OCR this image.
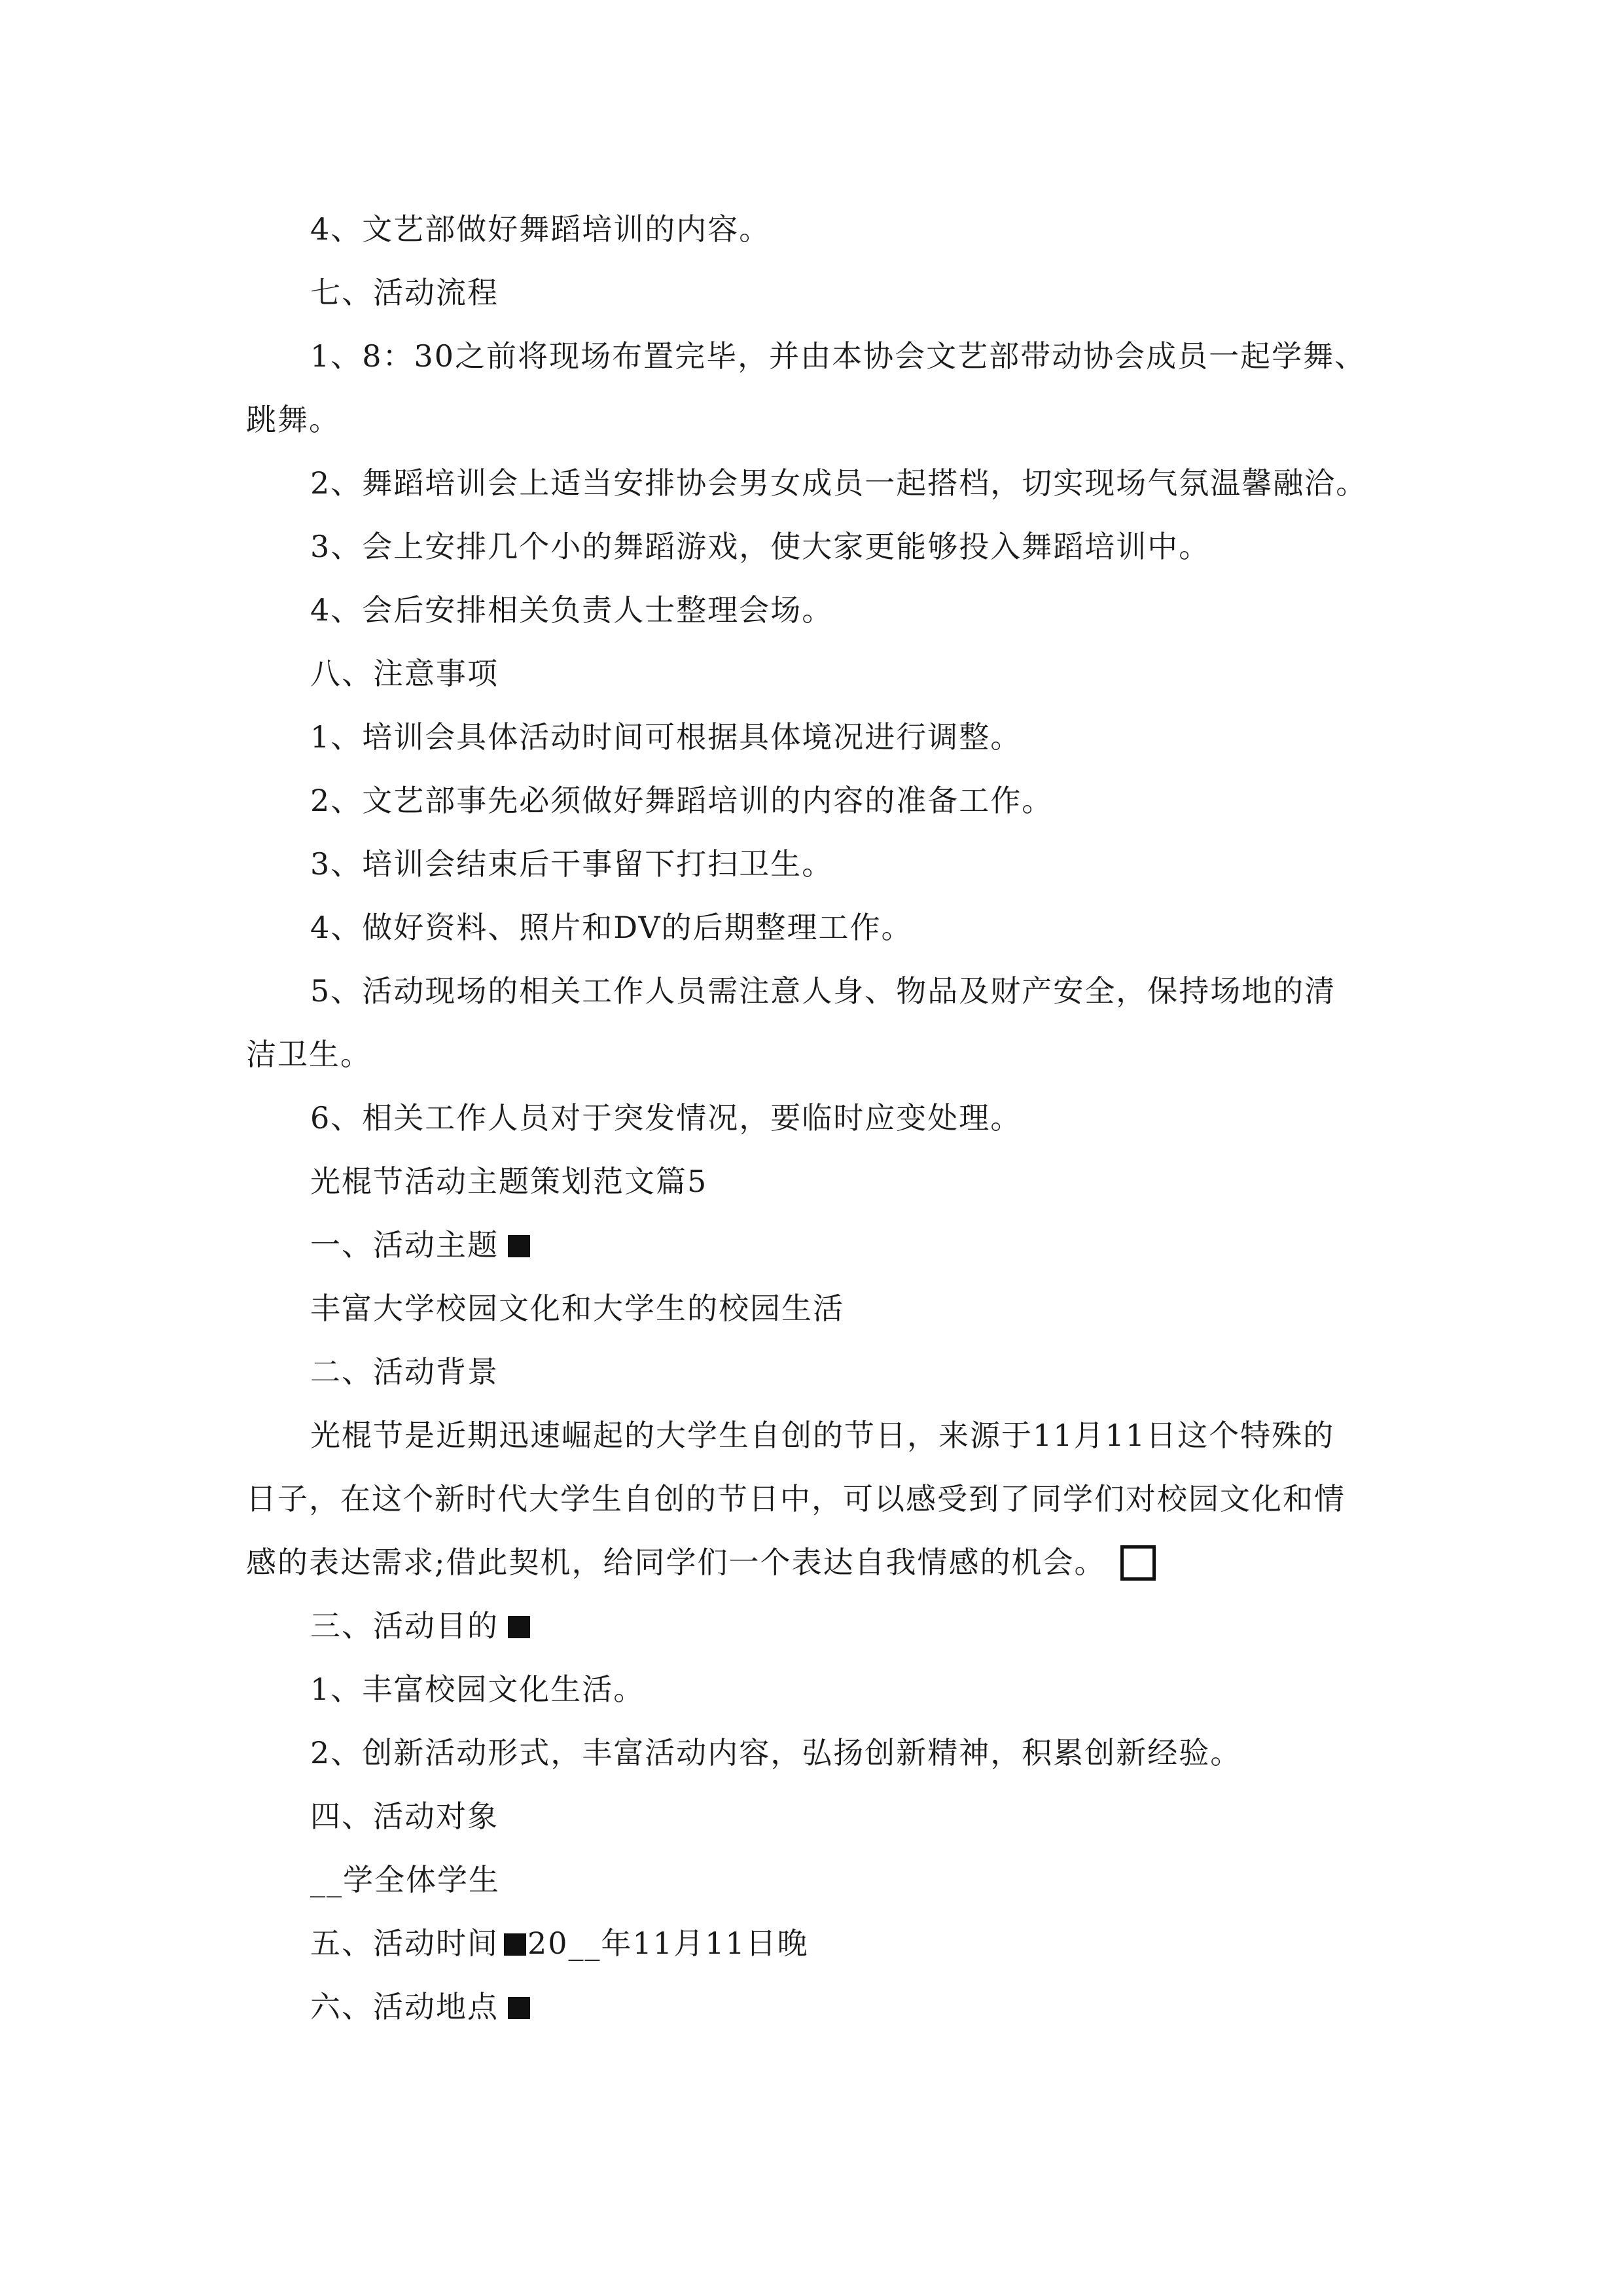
4、文艺部做好舞蹈培训的内容。
七、活动流程
1、8：30之前将现场布置完毕，并由本协会文艺部带动协会成员一起学舞、
跳舞。
2、舞蹈培训会上适当安排协会男女成员一起搭档，切实现场气氛温馨融洽。
3、会上安排几个小的舞蹈游戏，使大家更能够投入舞蹈培训中。
4、会后安排相关负责人士整理会场。
八、注意事项
1、培训会具体活动时间可根据具体境况进行调整。
2、文艺部事先必须做好舞蹈培训的内容的准备工作。
3、培训会结束后干事留下打扫卫生。
4、做好资料、照片和DV的后期整理工作。
5、活动现场的相关工作人员需注意人身、物品及财产安全，保持场地的清
洁卫生。
6、相关工作人员对于突发情况，要临时应变处理。
光棍节活动主题策划范文篇5
一、活动主题
丰富大学校园文化和大学生的校园生活
二、活动背景
光棍节是近期迅速崛起的大学生自创的节日，来源于11月11日这个特殊的
日子，在这个新时代大学生自创的节日中，可以感受到了同学们对校园文化和情
感的表达需求;借此契机，给同学们一个表达自我情感的机会。
三、活动目的
1、丰富校园文化生活。
2、创新活动形式，丰富活动内容，弘扬创新精神，积累创新经验。
四、活动对象
__学全体学生
五、活动时间 20__年11月11日晚
六、活动地点
